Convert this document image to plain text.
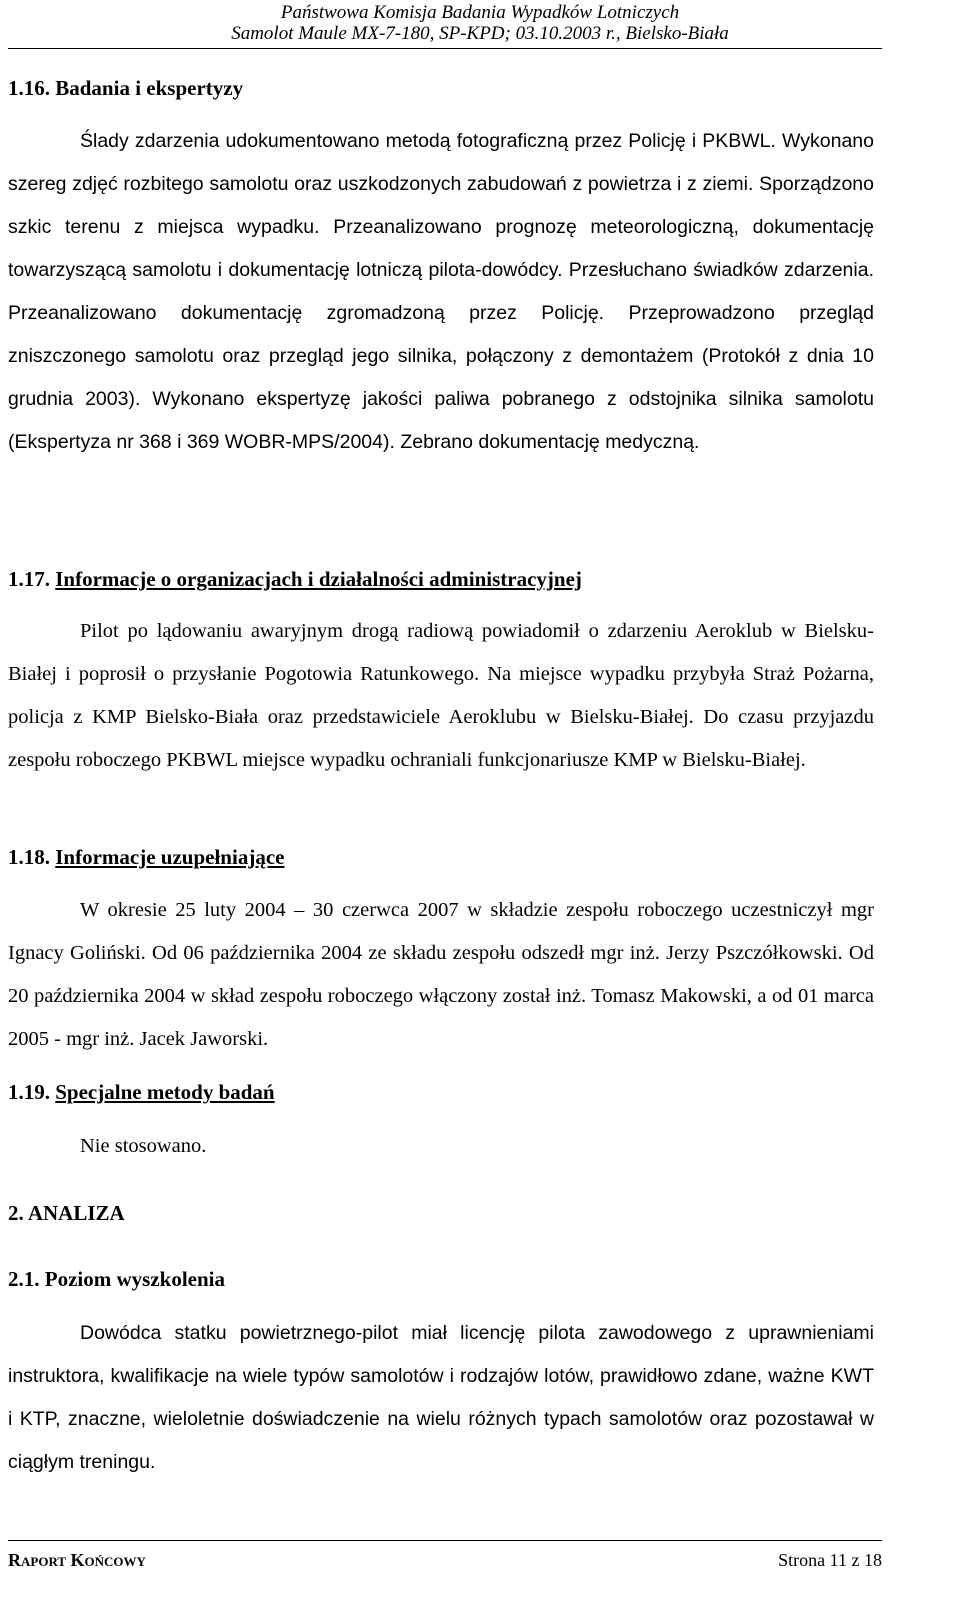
Państwowa Komisja Badania Wypadków Lotniczych
Samolot Maule MX-7-180, SP-KPD; 03.10.2003 r., Bielsko-Biała
1.16. Badania i ekspertyzy

Ślady zdarzenia udokumentowano metodą fotograficzną przez Policję i PKBWL. Wykonano szereg zdjęć rozbitego samolotu oraz uszkodzonych zabudowań z powietrza i z ziemi. Sporządzono szkic terenu z miejsca wypadku. Przeanalizowano prognozę meteorologiczną, dokumentację towarzyszącą samolotu i dokumentację lotniczą pilota-dowódcy. Przesłuchano świadków zdarzenia. Przeanalizowano dokumentację zgromadzoną przez Policję. Przeprowadzono przegląd zniszczonego samolotu oraz przegląd jego silnika, połączony z demontażem (Protokół z dnia 10 grudnia 2003). Wykonano ekspertyzę jakości paliwa pobranego z odstojnika silnika samolotu (Ekspertyza nr 368 i 369 WOBR-MPS/2004). Zebrano dokumentację medyczną.

1.17. Informacje o organizacjach i działalności administracyjnej

Pilot po lądowaniu awaryjnym drogą radiową powiadomił o zdarzeniu Aeroklub w Bielsku-Białej i poprosił o przysłanie Pogotowia Ratunkowego. Na miejsce wypadku przybyła Straż Pożarna, policja z KMP Bielsko-Biała oraz przedstawiciele Aeroklubu w Bielsku-Białej. Do czasu przyjazdu zespołu roboczego PKBWL miejsce wypadku ochraniali funkcjonariusze KMP w Bielsku-Białej.

1.18. Informacje uzupełniające

W okresie 25 luty 2004 – 30 czerwca 2007 w składzie zespołu roboczego uczestniczył mgr Ignacy Goliński. Od 06 października 2004 ze składu zespołu odszedł mgr inż. Jerzy Pszczółkowski. Od 20 października 2004 w skład zespołu roboczego włączony został inż. Tomasz Makowski, a od 01 marca 2005 - mgr inż. Jacek Jaworski.

1.19. Specjalne metody badań
Nie stosowano.
2. ANALIZA
2.1. Poziom wyszkolenia

Dowódca statku powietrznego-pilot miał licencję pilota zawodowego z uprawnieniami instruktora, kwalifikacje na wiele typów samolotów i rodzajów lotów, prawidłowo zdane, ważne KWT i KTP, znaczne, wieloletnie doświadczenie na wielu różnych typach samolotów oraz pozostawał w ciągłym treningu.

Raport Końcowy	Strona 11 z 18
